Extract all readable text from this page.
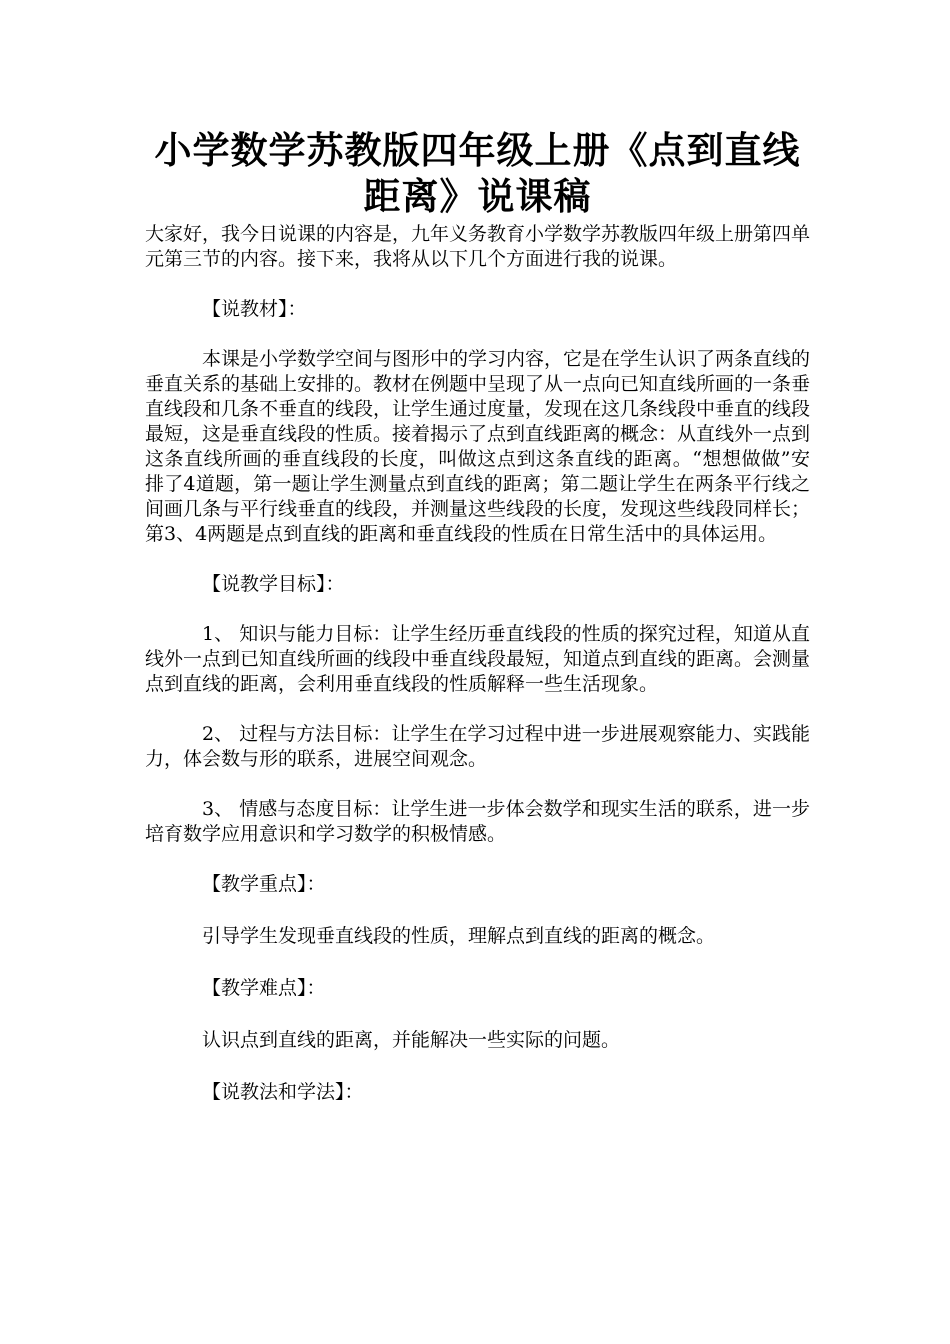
小学数学苏教版四年级上册《点到直线
距离》说课稿

大家好，我今日说课的内容是，九年义务教育小学数学苏教版四年级上册第四单元第三节的内容。接下来，我将从以下几个方面进行我的说课。

【说教材】：

本课是小学数学空间与图形中的学习内容，它是在学生认识了两条直线的垂直关系的基础上安排的。教材在例题中呈现了从一点向已知直线所画的一条垂直线段和几条不垂直的线段，让学生通过度量，发现在这几条线段中垂直的线段最短，这是垂直线段的性质。接着揭示了点到直线距离的概念：从直线外一点到这条直线所画的垂直线段的长度，叫做这点到这条直线的距离。“想想做做”安排了4道题，第一题让学生测量点到直线的距离；第二题让学生在两条平行线之间画几条与平行线垂直的线段，并测量这些线段的长度，发现这些线段同样长；第3、4两题是点到直线的距离和垂直线段的性质在日常生活中的具体运用。

【说教学目标】：

1、 知识与能力目标：让学生经历垂直线段的性质的探究过程，知道从直线外一点到已知直线所画的线段中垂直线段最短，知道点到直线的距离。会测量点到直线的距离，会利用垂直线段的性质解释一些生活现象。

2、 过程与方法目标：让学生在学习过程中进一步进展观察能力、实践能力，体会数与形的联系，进展空间观念。

3、 情感与态度目标：让学生进一步体会数学和现实生活的联系，进一步培育数学应用意识和学习数学的积极情感。

【教学重点】：

引导学生发现垂直线段的性质，理解点到直线的距离的概念。

【教学难点】：

认识点到直线的距离，并能解决一些实际的问题。

【说教法和学法】：
